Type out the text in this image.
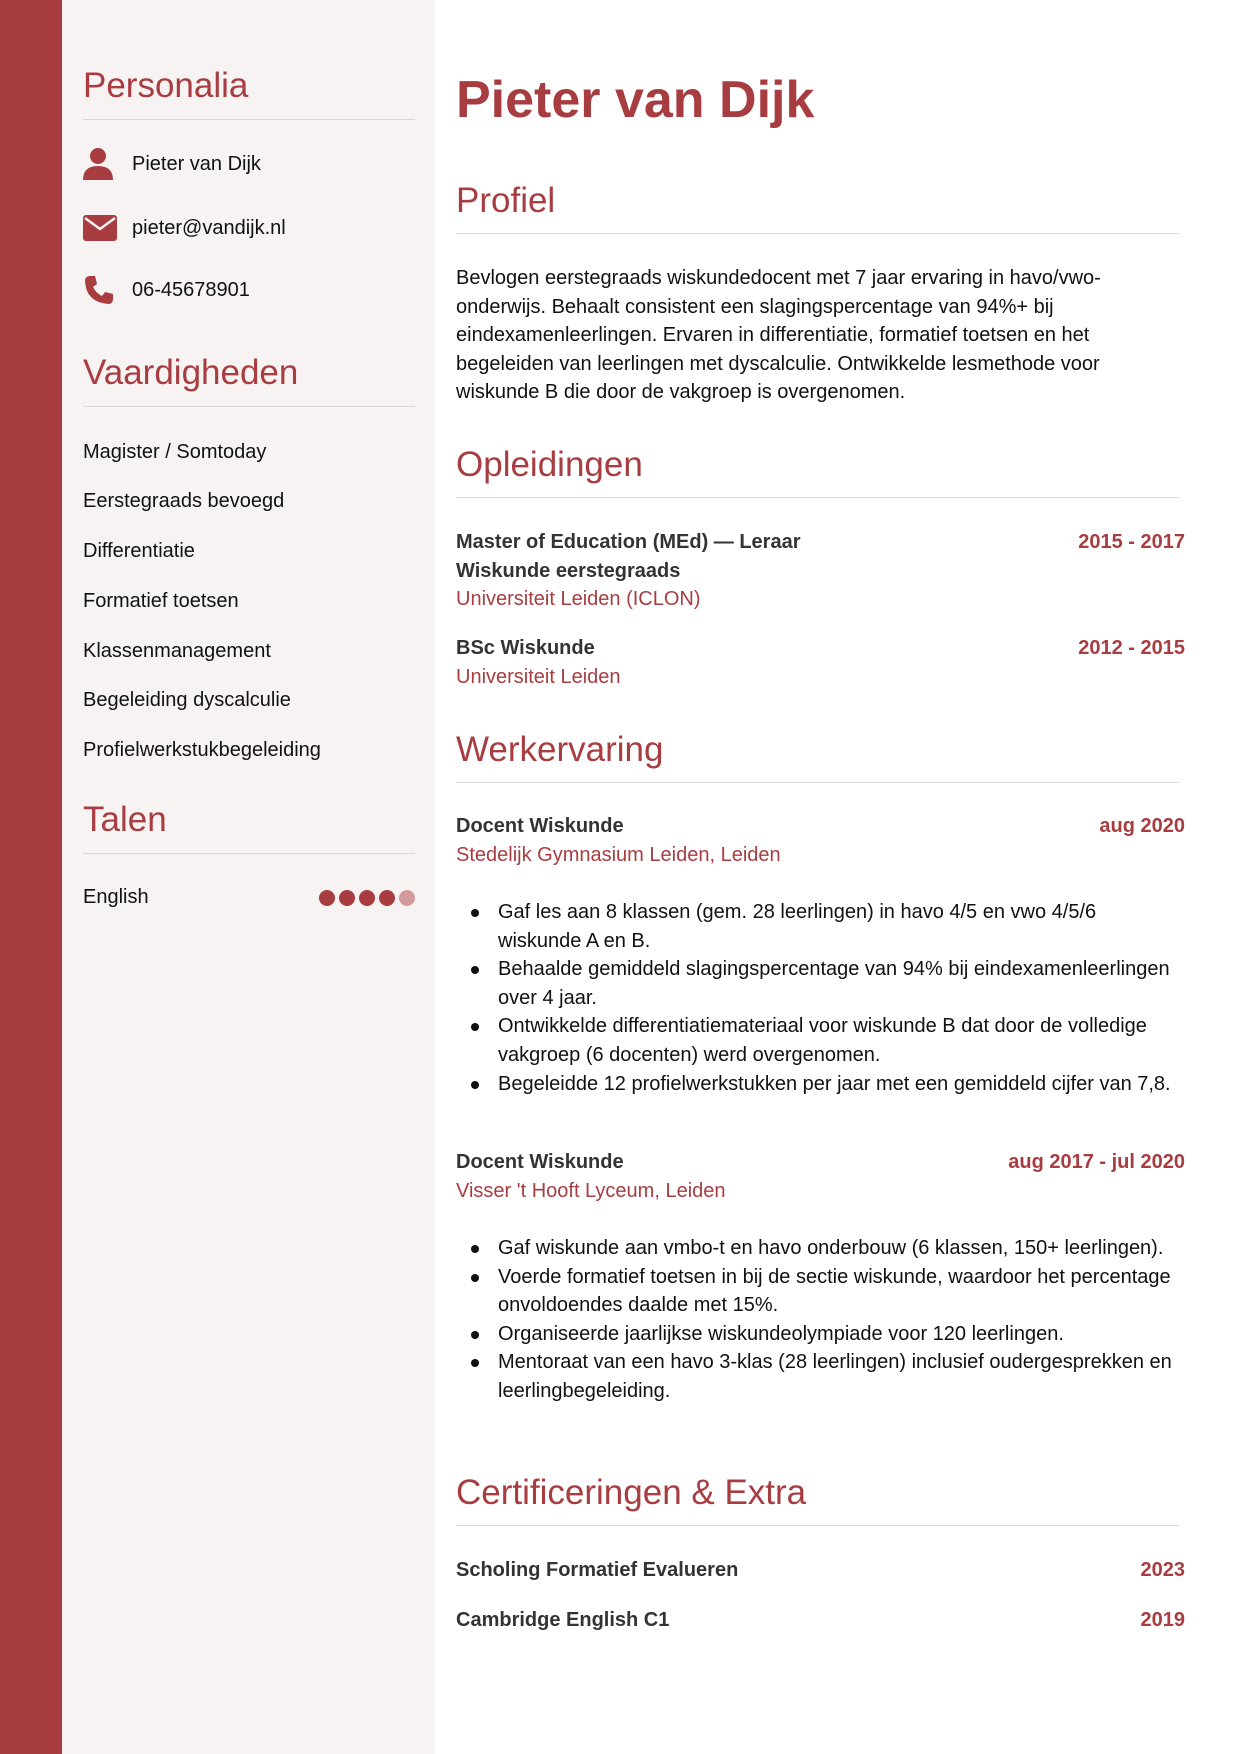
Personalia
Pieter van Dijk
pieter@vandijk.nl
06-45678901
Vaardigheden
Magister / Somtoday
Eerstegraads bevoegd
Differentiatie
Formatief toetsen
Klassenmanagement
Begeleiding dyscalculie
Profielwerkstukbegeleiding
Talen
English
Pieter van Dijk
Profiel

Bevlogen eerstegraads wiskundedocent met 7 jaar ervaring in havo/vwo-onderwijs. Behaalt consistent een slagingspercentage van 94%+ bij eindexamenleerlingen. Ervaren in differentiatie, formatief toetsen en het begeleiden van leerlingen met dyscalculie. Ontwikkelde lesmethode voor wiskunde B die door de vakgroep is overgenomen.

Opleidingen
Master of Education (MEd) — Leraar Wiskunde eerstegraads
2015 - 2017
Universiteit Leiden (ICLON)
BSc Wiskunde	2012 - 2015
Universiteit Leiden
Werkervaring
Docent Wiskunde	aug 2020
Stedelijk Gymnasium Leiden, Leiden
Gaf les aan 8 klassen (gem. 28 leerlingen) in havo 4/5 en vwo 4/5/6 wiskunde A en B.
Behaalde gemiddeld slagingspercentage van 94% bij eindexamenleerlingen over 4 jaar.
Ontwikkelde differentiatiemateriaal voor wiskunde B dat door de volledige vakgroep (6 docenten) werd overgenomen.
Begeleidde 12 profielwerkstukken per jaar met een gemiddeld cijfer van 7,8.
Docent Wiskunde	aug 2017 - jul 2020
Visser 't Hooft Lyceum, Leiden
Gaf wiskunde aan vmbo-t en havo onderbouw (6 klassen, 150+ leerlingen).
Voerde formatief toetsen in bij de sectie wiskunde, waardoor het percentage onvoldoendes daalde met 15%.
Organiseerde jaarlijkse wiskundeolympiade voor 120 leerlingen.
Mentoraat van een havo 3-klas (28 leerlingen) inclusief oudergesprekken en leerlingbegeleiding.
Certificeringen & Extra
Scholing Formatief Evalueren	2023
Cambridge English C1	2019
